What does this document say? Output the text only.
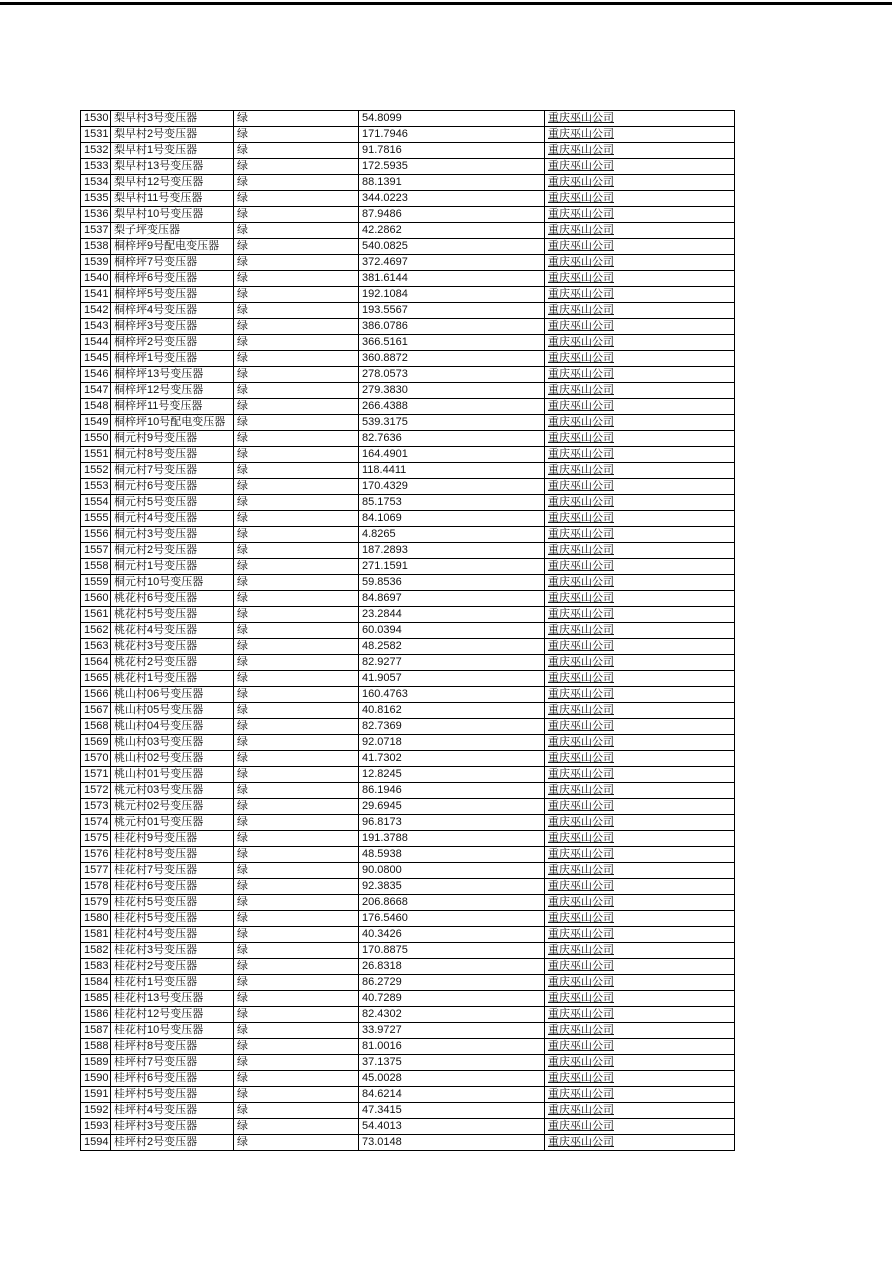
1530	梨早村3号变压器	绿	54.8099	重庆巫山公司
1531	梨早村2号变压器	绿	171.7946	重庆巫山公司
1532	梨早村1号变压器	绿	91.7816	重庆巫山公司
1533	梨早村13号变压器	绿	172.5935	重庆巫山公司
1534	梨早村12号变压器	绿	88.1391	重庆巫山公司
1535	梨早村11号变压器	绿	344.0223	重庆巫山公司
1536	梨早村10号变压器	绿	87.9486	重庆巫山公司
1537	梨子坪变压器	绿	42.2862	重庆巫山公司
1538	桐梓坪9号配电变压器	绿	540.0825	重庆巫山公司
1539	桐梓坪7号变压器	绿	372.4697	重庆巫山公司
1540	桐梓坪6号变压器	绿	381.6144	重庆巫山公司
1541	桐梓坪5号变压器	绿	192.1084	重庆巫山公司
1542	桐梓坪4号变压器	绿	193.5567	重庆巫山公司
1543	桐梓坪3号变压器	绿	386.0786	重庆巫山公司
1544	桐梓坪2号变压器	绿	366.5161	重庆巫山公司
1545	桐梓坪1号变压器	绿	360.8872	重庆巫山公司
1546	桐梓坪13号变压器	绿	278.0573	重庆巫山公司
1547	桐梓坪12号变压器	绿	279.3830	重庆巫山公司
1548	桐梓坪11号变压器	绿	266.4388	重庆巫山公司
1549	桐梓坪10号配电变压器	绿	539.3175	重庆巫山公司
1550	桐元村9号变压器	绿	82.7636	重庆巫山公司
1551	桐元村8号变压器	绿	164.4901	重庆巫山公司
1552	桐元村7号变压器	绿	118.4411	重庆巫山公司
1553	桐元村6号变压器	绿	170.4329	重庆巫山公司
1554	桐元村5号变压器	绿	85.1753	重庆巫山公司
1555	桐元村4号变压器	绿	84.1069	重庆巫山公司
1556	桐元村3号变压器	绿	4.8265	重庆巫山公司
1557	桐元村2号变压器	绿	187.2893	重庆巫山公司
1558	桐元村1号变压器	绿	271.1591	重庆巫山公司
1559	桐元村10号变压器	绿	59.8536	重庆巫山公司
1560	桃花村6号变压器	绿	84.8697	重庆巫山公司
1561	桃花村5号变压器	绿	23.2844	重庆巫山公司
1562	桃花村4号变压器	绿	60.0394	重庆巫山公司
1563	桃花村3号变压器	绿	48.2582	重庆巫山公司
1564	桃花村2号变压器	绿	82.9277	重庆巫山公司
1565	桃花村1号变压器	绿	41.9057	重庆巫山公司
1566	桃山村06号变压器	绿	160.4763	重庆巫山公司
1567	桃山村05号变压器	绿	40.8162	重庆巫山公司
1568	桃山村04号变压器	绿	82.7369	重庆巫山公司
1569	桃山村03号变压器	绿	92.0718	重庆巫山公司
1570	桃山村02号变压器	绿	41.7302	重庆巫山公司
1571	桃山村01号变压器	绿	12.8245	重庆巫山公司
1572	桃元村03号变压器	绿	86.1946	重庆巫山公司
1573	桃元村02号变压器	绿	29.6945	重庆巫山公司
1574	桃元村01号变压器	绿	96.8173	重庆巫山公司
1575	桂花村9号变压器	绿	191.3788	重庆巫山公司
1576	桂花村8号变压器	绿	48.5938	重庆巫山公司
1577	桂花村7号变压器	绿	90.0800	重庆巫山公司
1578	桂花村6号变压器	绿	92.3835	重庆巫山公司
1579	桂花村5号变压器	绿	206.8668	重庆巫山公司
1580	桂花村5号变压器	绿	176.5460	重庆巫山公司
1581	桂花村4号变压器	绿	40.3426	重庆巫山公司
1582	桂花村3号变压器	绿	170.8875	重庆巫山公司
1583	桂花村2号变压器	绿	26.8318	重庆巫山公司
1584	桂花村1号变压器	绿	86.2729	重庆巫山公司
1585	桂花村13号变压器	绿	40.7289	重庆巫山公司
1586	桂花村12号变压器	绿	82.4302	重庆巫山公司
1587	桂花村10号变压器	绿	33.9727	重庆巫山公司
1588	桂坪村8号变压器	绿	81.0016	重庆巫山公司
1589	桂坪村7号变压器	绿	37.1375	重庆巫山公司
1590	桂坪村6号变压器	绿	45.0028	重庆巫山公司
1591	桂坪村5号变压器	绿	84.6214	重庆巫山公司
1592	桂坪村4号变压器	绿	47.3415	重庆巫山公司
1593	桂坪村3号变压器	绿	54.4013	重庆巫山公司
1594	桂坪村2号变压器	绿	73.0148	重庆巫山公司
